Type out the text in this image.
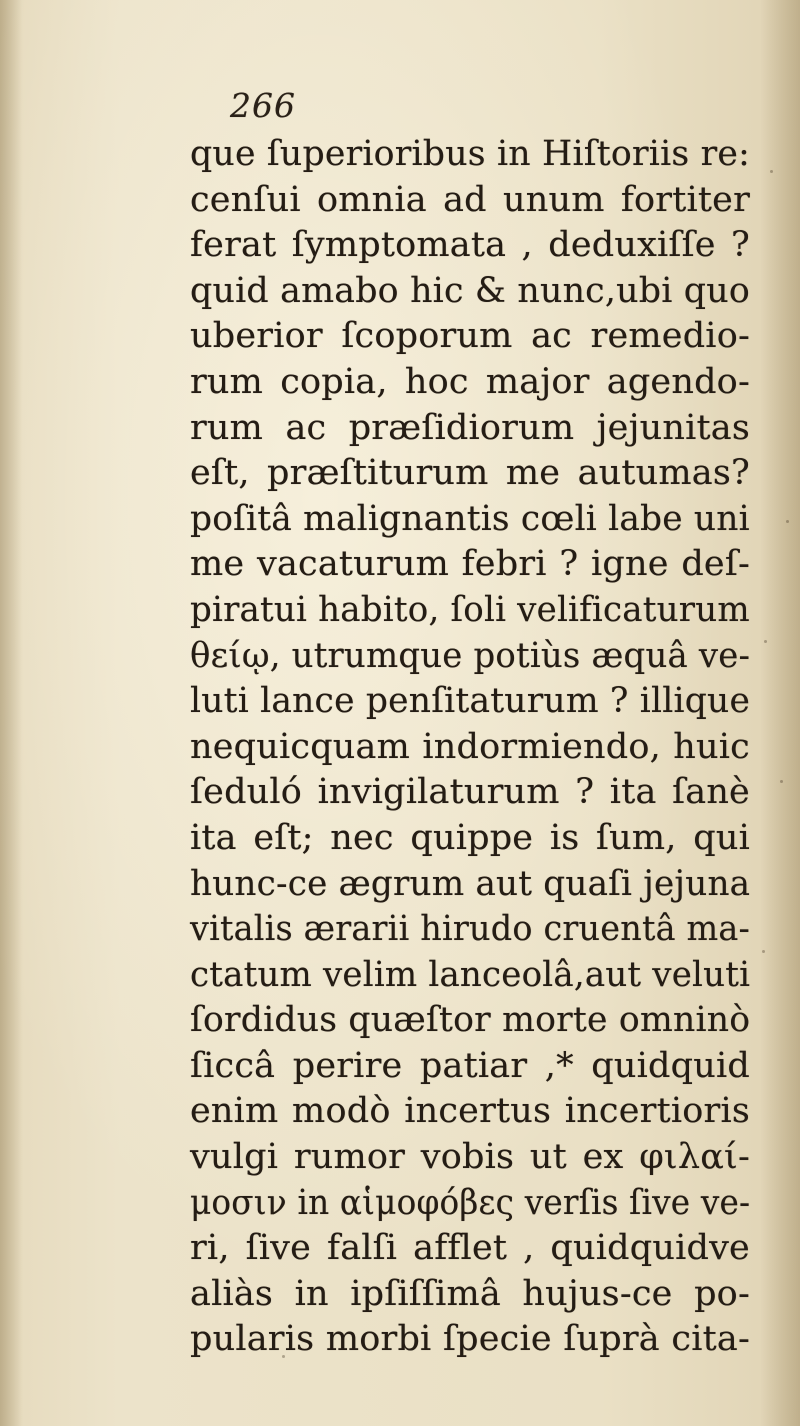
266
que ſuperioribus in Hiſtoriis re:
cenſui omnia ad unum fortiter
ferat ſymptomata , deduxiſſe ?
quid amabo hic & nunc,ubi quo
uberior ſcoporum ac remedio-
rum copia, hoc major agendo-
rum ac præſidiorum jejunitas
eſt, præſtiturum me autumas?
poſitâ malignantis cœli labe uni
me vacaturum febri ? igne deſ-
piratui habito, ſoli velificaturum
θείῳ, utrumque potiùs æquâ ve-
luti lance penſitaturum ? illique
nequicquam indormiendo, huic
ſeduló invigilaturum ? ita ſanè
ita eſt; nec quippe is ſum, qui
hunc-ce ægrum aut quaſi jejuna
vitalis ærarii hirudo cruentâ ma-
ctatum velim lanceolâ,aut veluti
ſordidus quæſtor morte omninò
ſiccâ perire patiar ,* quidquid
enim modò incertus incertioris
vulgi rumor vobis ut ex φιλαί-
μοσιν in αἱμοφόβες verſis ſive ve-
ri, ſive falſi afflet , quidquidve
aliàs in ipſiſſimâ hujus-ce po-
pularis morbi ſpecie ſuprà cita-
